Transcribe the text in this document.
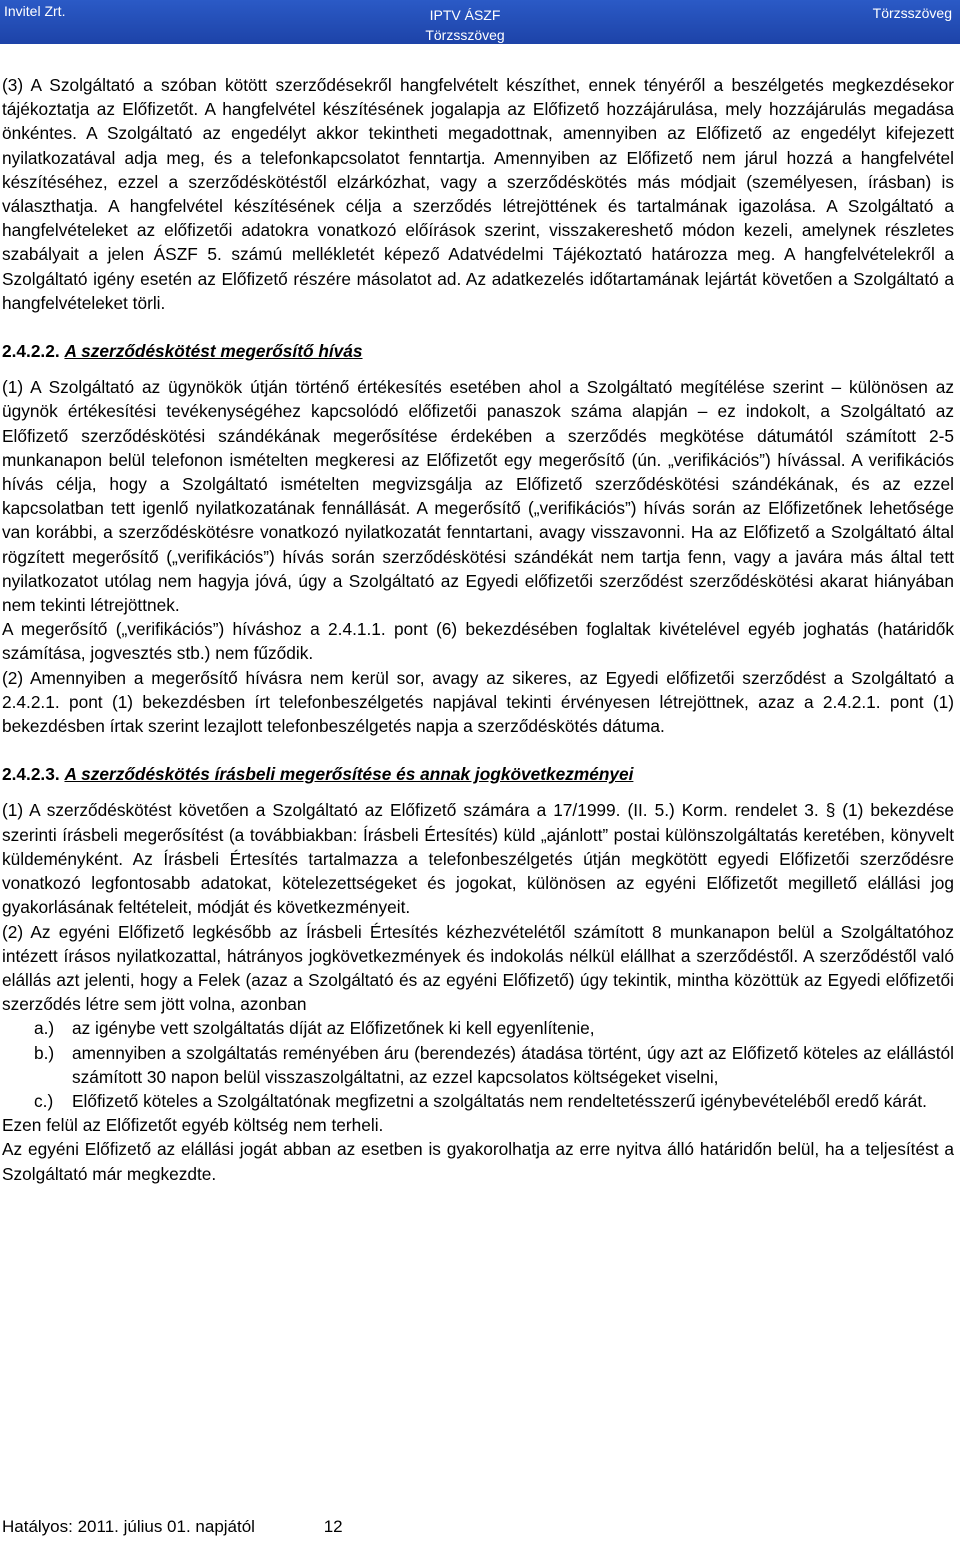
Invitel Zrt.	IPTV ÁSZF
Törzsszöveg
Törzsszöveg

(3) A Szolgáltató a szóban kötött szerződésekről hangfelvételt készíthet, ennek tényéről a beszélgetés megkezdésekor tájékoztatja az Előfizetőt. A hangfelvétel készítésének jogalapja az Előfizető hozzájárulása, mely hozzájárulás megadása önkéntes. A Szolgáltató az engedélyt akkor tekintheti megadottnak, amennyiben az Előfizető az engedélyt kifejezett nyilatkozatával adja meg, és a telefonkapcsolatot fenntartja. Amennyiben az Előfizető nem járul hozzá a hangfelvétel készítéséhez, ezzel a szerződéskötéstől elzárkózhat, vagy a szerződéskötés más módjait (személyesen, írásban) is választhatja. A hangfelvétel készítésének célja a szerződés létrejöttének és tartalmának igazolása. A Szolgáltató a hangfelvételeket az előfizetői adatokra vonatkozó előírások szerint, visszakereshető módon kezeli, amelynek részletes szabályait a jelen ÁSZF 5. számú mellékletét képező Adatvédelmi Tájékoztató határozza meg. A hangfelvételekről a Szolgáltató igény esetén az Előfizető részére másolatot ad. Az adatkezelés időtartamának lejártát követően a Szolgáltató a hangfelvételeket törli.

2.4.2.2. A szerződéskötést megerősítő hívás

(1) A Szolgáltató az ügynökök útján történő értékesítés esetében ahol a Szolgáltató megítélése szerint – különösen az ügynök értékesítési tevékenységéhez kapcsolódó előfizetői panaszok száma alapján – ez indokolt, a Szolgáltató az Előfizető szerződéskötési szándékának megerősítése érdekében a szerződés megkötése dátumától számított 2-5 munkanapon belül telefonon ismételten megkeresi az Előfizetőt egy megerősítő (ún. „verifikációs”) hívással. A verifikációs hívás célja, hogy a Szolgáltató ismételten megvizsgálja az Előfizető szerződéskötési szándékának, és az ezzel kapcsolatban tett igenlő nyilatkozatának fennállását. A megerősítő („verifikációs”) hívás során az Előfizetőnek lehetősége van korábbi, a szerződéskötésre vonatkozó nyilatkozatát fenntartani, avagy visszavonni. Ha az Előfizető a Szolgáltató által rögzített megerősítő („verifikációs”) hívás során szerződéskötési szándékát nem tartja fenn, vagy a javára más által tett nyilatkozatot utólag nem hagyja jóvá, úgy a Szolgáltató az Egyedi előfizetői szerződést szerződéskötési akarat hiányában nem tekinti létrejöttnek.

A megerősítő („verifikációs”) híváshoz a 2.4.1.1. pont (6) bekezdésében foglaltak kivételével egyéb joghatás (határidők számítása, jogvesztés stb.) nem fűződik.

(2) Amennyiben a megerősítő hívásra nem kerül sor, avagy az sikeres, az Egyedi előfizetői szerződést a Szolgáltató a 2.4.2.1. pont (1) bekezdésben írt telefonbeszélgetés napjával tekinti érvényesen létrejöttnek, azaz a 2.4.2.1. pont (1) bekezdésben írtak szerint lezajlott telefonbeszélgetés napja a szerződéskötés dátuma.

2.4.2.3. A szerződéskötés írásbeli megerősítése és annak jogkövetkezményei

(1) A szerződéskötést követően a Szolgáltató az Előfizető számára a 17/1999. (II. 5.) Korm. rendelet 3. § (1) bekezdése szerinti írásbeli megerősítést (a továbbiakban: Írásbeli Értesítés) küld „ajánlott” postai különszolgáltatás keretében, könyvelt küldeményként. Az Írásbeli Értesítés tartalmazza a telefonbeszélgetés útján megkötött egyedi Előfizetői szerződésre vonatkozó legfontosabb adatokat, kötelezettségeket és jogokat, különösen az egyéni Előfizetőt megillető elállási jog gyakorlásának feltételeit, módját és következményeit.

(2) Az egyéni Előfizető legkésőbb az Írásbeli Értesítés kézhezvételétől számított 8 munkanapon belül a Szolgáltatóhoz intézett írásos nyilatkozattal, hátrányos jogkövetkezmények és indokolás nélkül elállhat a szerződéstől. A szerződéstől való elállás azt jelenti, hogy a Felek (azaz a Szolgáltató és az egyéni Előfizető) úgy tekintik, mintha közöttük az Egyedi előfizetői szerződés létre sem jött volna, azonban

a.)	az igénybe vett szolgáltatás díját az Előfizetőnek ki kell egyenlítenie,
b.)	amennyiben a szolgáltatás reményében áru (berendezés) átadása történt, úgy azt az Előfizető köteles az elállástól számított 30 napon belül visszaszolgáltatni, az ezzel kapcsolatos költségeket viselni,
c.)	Előfizető köteles a Szolgáltatónak megfizetni a szolgáltatás nem rendeltetésszerű igénybevételéből eredő kárát.

Ezen felül az Előfizetőt egyéb költség nem terheli.

Az egyéni Előfizető az elállási jogát abban az esetben is gyakorolhatja az erre nyitva álló határidőn belül, ha a teljesítést a Szolgáltató már megkezdte.

Hatályos: 2011. július 01. napjától	12
